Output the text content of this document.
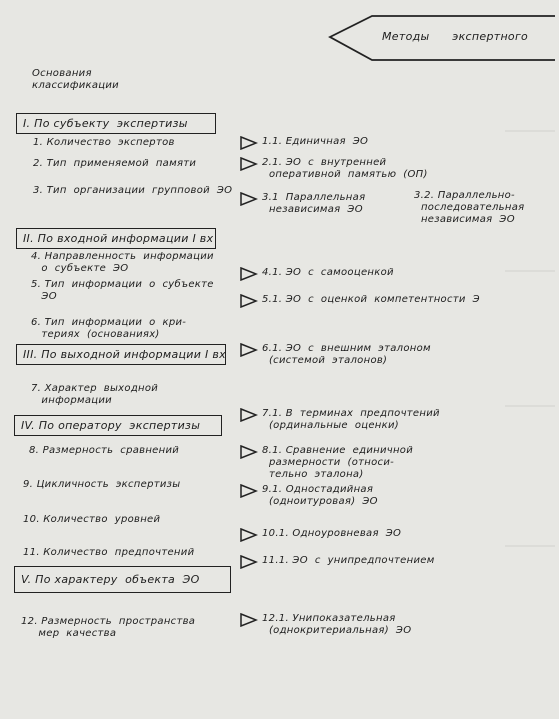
Методы      экспертного
Основания
классификации
I. По субъекту  экспертизы
II. По входной информации I вх
III. По выходной информации I вх
IV. По оператору  экспертизы
V. По характеру  объекта  ЭО
1. Количество  экспертов
2. Тип  применяемой  памяти
3. Тип  организации  групповой  ЭО
4. Направленность  информации
о  субъекте  ЭО
5. Тип  информации  о  субъекте
ЭО
6. Тип  информации  о  кри-
териях  (основаниях)
7. Характер  выходной
информации
8. Размерность  сравнений
9. Цикличность  экспертизы
10. Количество  уровней
11. Количество  предпочтений
12. Размерность  пространства
мер  качества
1.1. Единичная  ЭО
2.1. ЭО  с  внутренней
оперативной  памятью  (ОП)
3.1  Параллельная
независимая  ЭО
3.2. Параллельно-
последовательная
независимая  ЭО
4.1. ЭО  с  самооценкой
5.1. ЭО  с  оценкой  компетентности  Э
6.1. ЭО  с  внешним  эталоном
(системой  эталонов)
7.1. В  терминах  предпочтений
(ординальные  оценки)
8.1. Сравнение  единичной
размерности  (относи-
тельно  эталона)
9.1. Одностадийная
(одноитуровая)  ЭО
10.1. Одноуровневая  ЭО
11.1. ЭО  с  унипредпочтением
12.1. Унипоказательная
(однокритериальная)  ЭО
